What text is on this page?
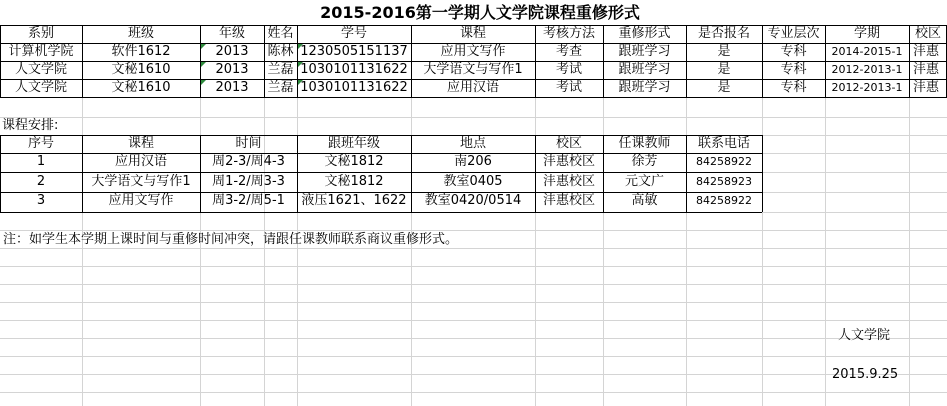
2015-2016第一学期人文学院课程重修形式
系别	班级	年级	姓名	学号	课程	考核方法	重修形式	是否报名	专业层次	学期	校区
计算机学院	软件1612	2013	陈林 1230505151137	应用文写作	考查	跟班学习	是	专科	2014-2015-1 沣惠
人文学院	文秘1610	2013	兰磊 1030101131622	大学语文与写作1	考试	跟班学习	是	专科	2012-2013-1 沣惠
人文学院	文秘1610	2013	兰磊 1030101131622	应用汉语	考试	跟班学习	是	专科	2012-2013-1 沣惠
课程安排:
序号	课程	时间	跟班年级	地点	校区	任课教师	联系电话
1	应用汉语	周2-3/周4-3	文秘1812	南206	沣惠校区	徐芳	84258922
2	大学语文与写作1	周1-2/周3-3	文秘1812	教室0405	沣惠校区	元文广	84258923
3	应用文写作	周3-2/周5-1	液压1621、1622	教室0420/0514	沣惠校区	高敏	84258922
注：如学生本学期上课时间与重修时间冲突，请跟任课教师联系商议重修形式。
人文学院
2015.9.25
